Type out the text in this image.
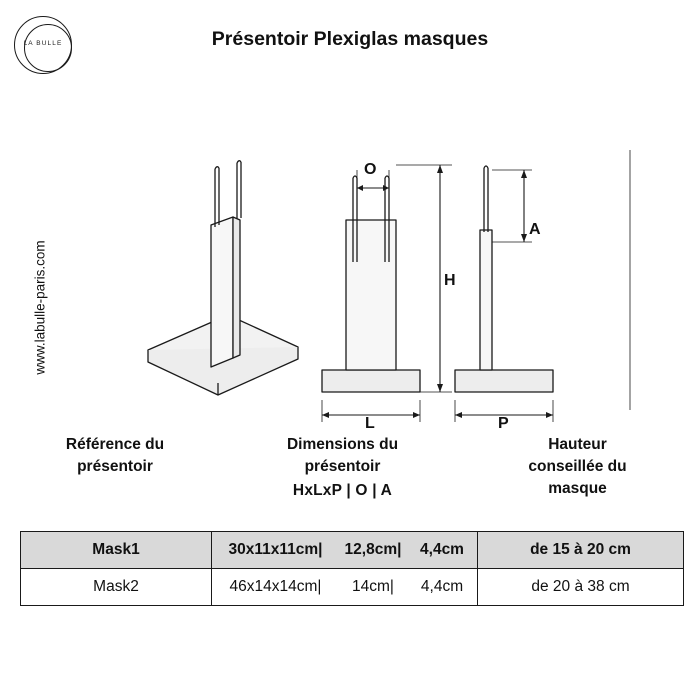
LA BULLE	Présentoir Plexiglas masques
www.labulle-paris.com
O
H
A
L	P
Référence du
présentoir
Dimensions du
présentoir
HxLxP | O | A
Hauteur
conseillée du
masque
Mask1	30x11x11cm| 12,8cm| 4,4cm	de 15 à 20 cm
Mask2	46x14x14cm| 14cm| 4,4cm	de 20 à 38 cm
